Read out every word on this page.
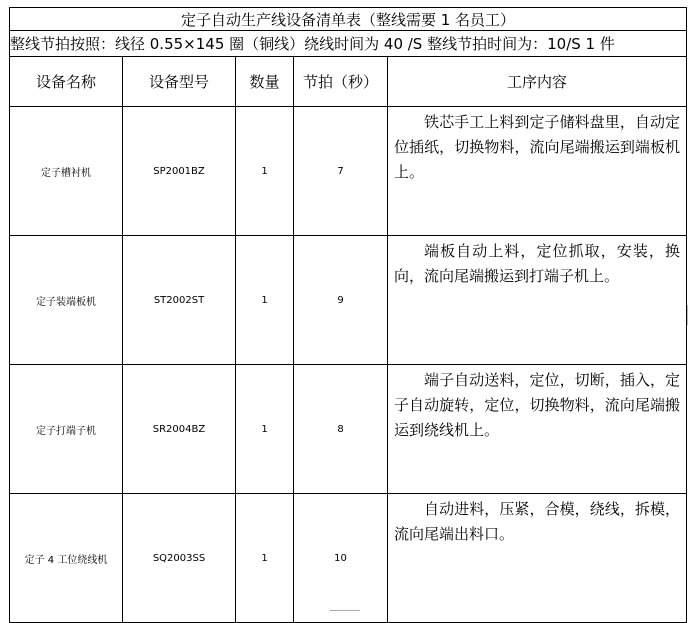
定子自动生产线设备清单表（整线需要 1 名员工）				
整线节拍按照：线径 0.55×145 圈（铜线）绕线时间为 40 /S 整线节拍时间为：10/S 1 件				
设备名称	设备型号	数量	节拍（秒）	工序内容
定子槽衬机	SP2001BZ	1	7	铁芯手工上料到定子储料盘里，自动定位插纸，切换物料，流向尾端搬运到端板机上。
定子装端板机	ST2002ST	1	9	端板自动上料，定位抓取，安装，换向，流向尾端搬运到打端子机上。
定子打端子机	SR2004BZ	1	8	端子自动送料，定位，切断，插入，定子自动旋转，定位，切换物料，流向尾端搬运到绕线机上。
定子 4 工位绕线机	SQ2003SS	1	10	自动进料，压紧，合模，绕线，拆模，流向尾端出料口。
